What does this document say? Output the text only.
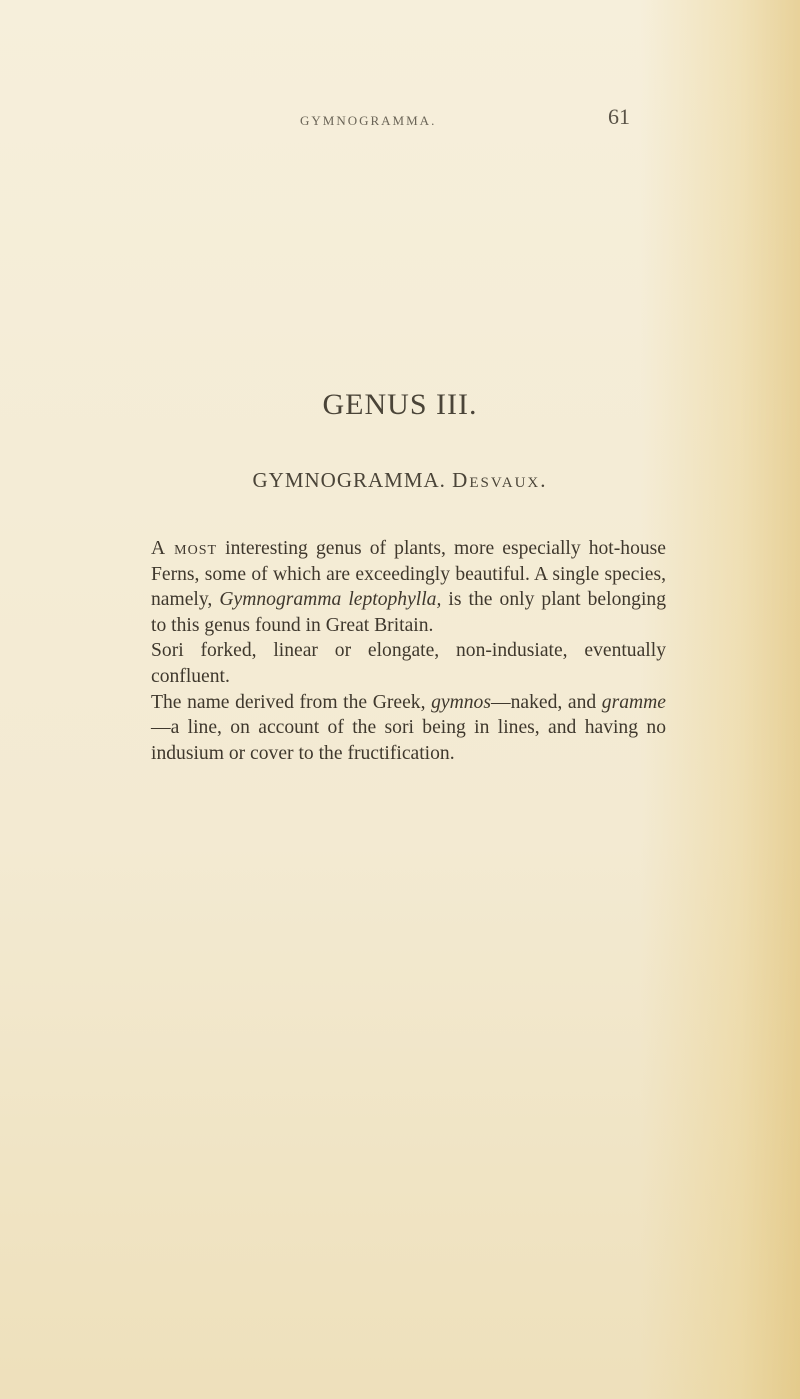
GYMNOGRAMMA.	61
GENUS III.
GYMNOGRAMMA. Desvaux.

A most interesting genus of plants, more especially hot-house Ferns, some of which are exceedingly beautiful. A single species, namely, Gymnogramma leptophylla, is the only plant belonging to this genus found in Great Britain.

Sori forked, linear or elongate, non-indusiate, eventually confluent.

The name derived from the Greek, gymnos—naked, and gramme—a line, on account of the sori being in lines, and having no indusium or cover to the fructification.
